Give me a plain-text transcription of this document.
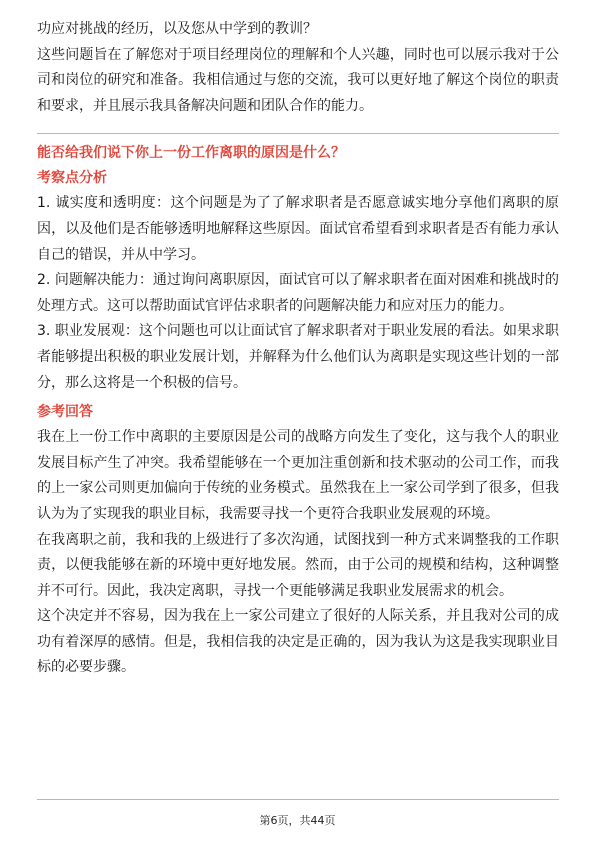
功应对挑战的经历，以及您从中学到的教训？

这些问题旨在了解您对于项目经理岗位的理解和个人兴趣，同时也可以展示我对于公司和岗位的研究和准备。我相信通过与您的交流，我可以更好地了解这个岗位的职责和要求，并且展示我具备解决问题和团队合作的能力。

能否给我们说下你上一份工作离职的原因是什么？

考察点分析

1. 诚实度和透明度：这个问题是为了了解求职者是否愿意诚实地分享他们离职的原因，以及他们是否能够透明地解释这些原因。面试官希望看到求职者是否有能力承认自己的错误，并从中学习。

2. 问题解决能力：通过询问离职原因，面试官可以了解求职者在面对困难和挑战时的处理方式。这可以帮助面试官评估求职者的问题解决能力和应对压力的能力。

3. 职业发展观：这个问题也可以让面试官了解求职者对于职业发展的看法。如果求职者能够提出积极的职业发展计划，并解释为什么他们认为离职是实现这些计划的一部分，那么这将是一个积极的信号。

参考回答

我在上一份工作中离职的主要原因是公司的战略方向发生了变化，这与我个人的职业发展目标产生了冲突。我希望能够在一个更加注重创新和技术驱动的公司工作，而我的上一家公司则更加偏向于传统的业务模式。虽然我在上一家公司学到了很多，但我认为为了实现我的职业目标，我需要寻找一个更符合我职业发展观的环境。

在我离职之前，我和我的上级进行了多次沟通，试图找到一种方式来调整我的工作职责，以便我能够在新的环境中更好地发展。然而，由于公司的规模和结构，这种调整并不可行。因此，我决定离职，寻找一个更能够满足我职业发展需求的机会。

这个决定并不容易，因为我在上一家公司建立了很好的人际关系，并且我对公司的成功有着深厚的感情。但是，我相信我的决定是正确的，因为我认为这是我实现职业目标的必要步骤。

第6页，共44页
